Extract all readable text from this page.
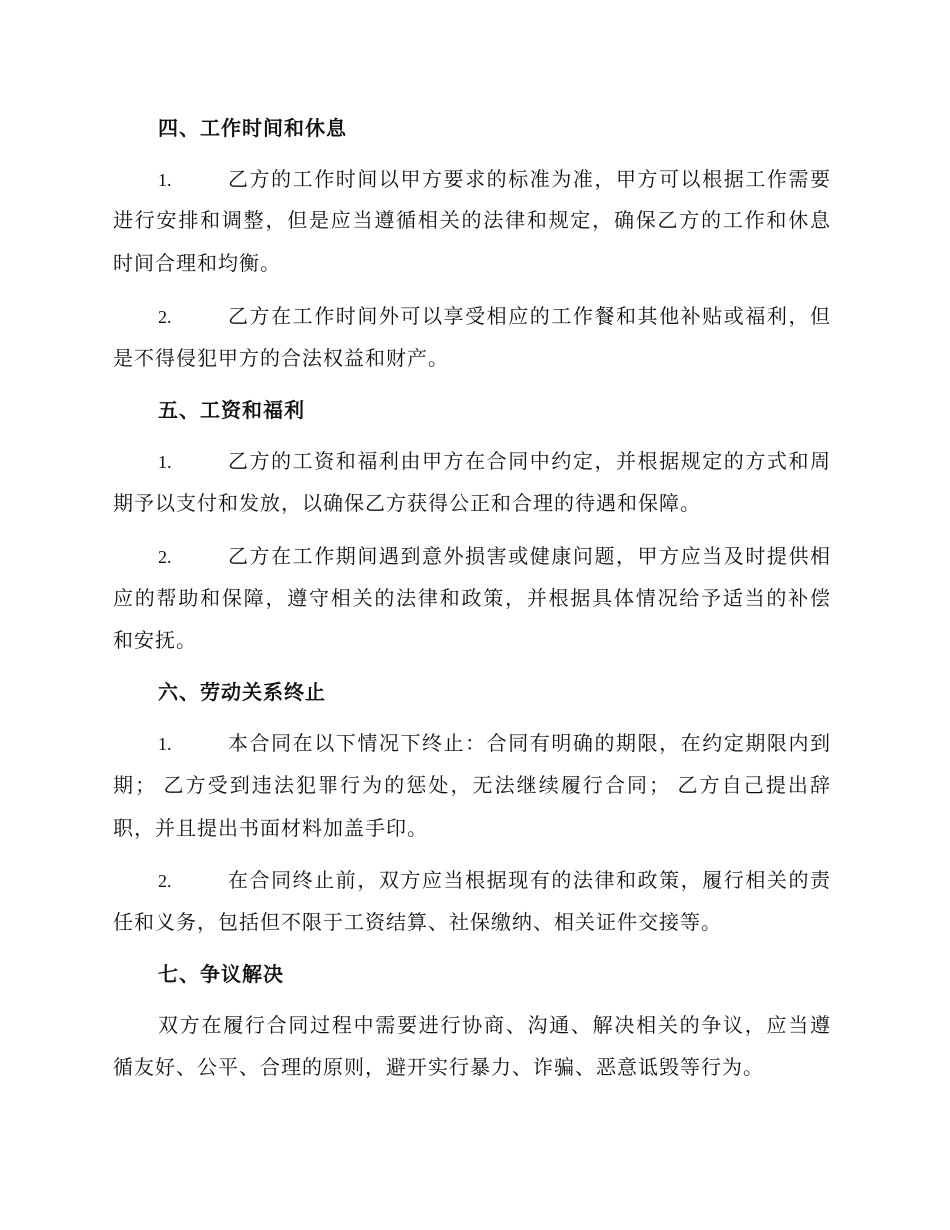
四、工作时间和休息
1.	乙方的工作时间以甲方要求的标准为准，甲方可以根据工作需要
进行安排和调整，但是应当遵循相关的法律和规定，确保乙方的工作和休息
时间合理和均衡。
2.	乙方在工作时间外可以享受相应的工作餐和其他补贴或福利，但
是不得侵犯甲方的合法权益和财产。
五、工资和福利
1.	乙方的工资和福利由甲方在合同中约定，并根据规定的方式和周
期予以支付和发放，以确保乙方获得公正和合理的待遇和保障。
2.	乙方在工作期间遇到意外损害或健康问题，甲方应当及时提供相
应的帮助和保障，遵守相关的法律和政策，并根据具体情况给予适当的补偿
和安抚。
六、劳动关系终止
1.	本合同在以下情况下终止：合同有明确的期限，在约定期限内到
期； 乙方受到违法犯罪行为的惩处，无法继续履行合同； 乙方自己提出辞
职，并且提出书面材料加盖手印。
2.	在合同终止前，双方应当根据现有的法律和政策，履行相关的责
任和义务，包括但不限于工资结算、社保缴纳、相关证件交接等。
七、争议解决
双方在履行合同过程中需要进行协商、沟通、解决相关的争议，应当遵
循友好、公平、合理的原则，避开实行暴力、诈骗、恶意诋毁等行为。
